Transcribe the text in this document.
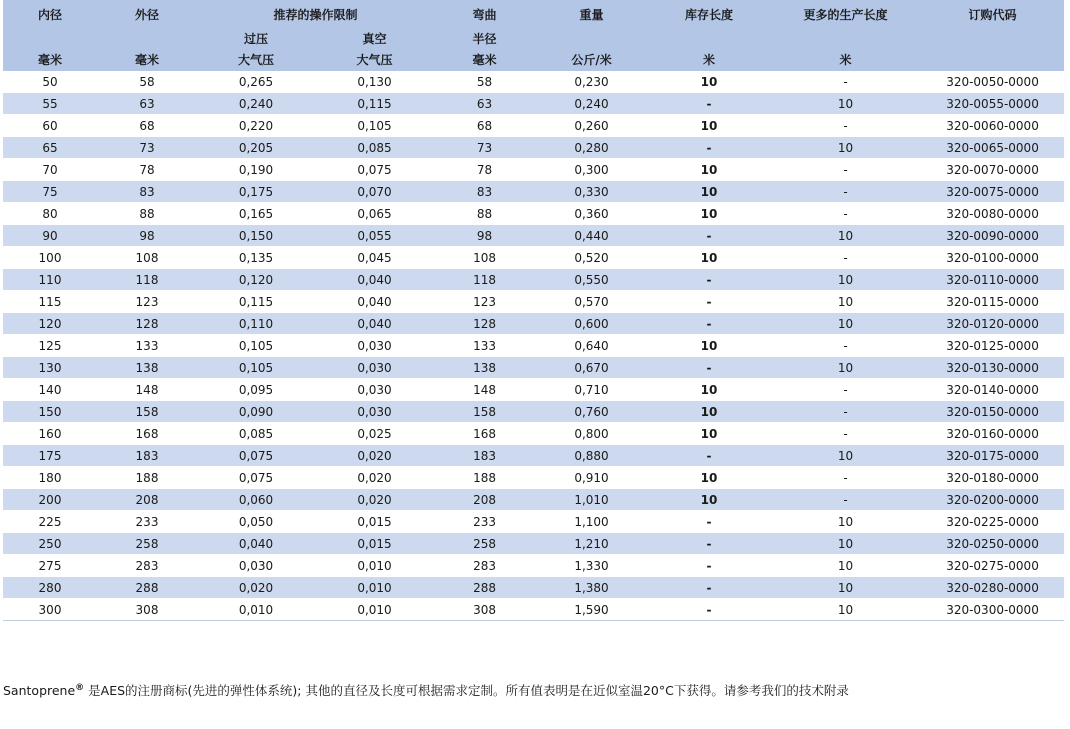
内径	外径	推荐的操作限制		弯曲	重量	库存长度	更多的生产长度	订购代码
		过压	真空	半径				
毫米	毫米	大气压	大气压	毫米	公斤/米	米	米	
50	58	0,265	0,130	58	0,230	10	-	320-0050-0000
55	63	0,240	0,115	63	0,240	-	10	320-0055-0000
60	68	0,220	0,105	68	0,260	10	-	320-0060-0000
65	73	0,205	0,085	73	0,280	-	10	320-0065-0000
70	78	0,190	0,075	78	0,300	10	-	320-0070-0000
75	83	0,175	0,070	83	0,330	10	-	320-0075-0000
80	88	0,165	0,065	88	0,360	10	-	320-0080-0000
90	98	0,150	0,055	98	0,440	-	10	320-0090-0000
100	108	0,135	0,045	108	0,520	10	-	320-0100-0000
110	118	0,120	0,040	118	0,550	-	10	320-0110-0000
115	123	0,115	0,040	123	0,570	-	10	320-0115-0000
120	128	0,110	0,040	128	0,600	-	10	320-0120-0000
125	133	0,105	0,030	133	0,640	10	-	320-0125-0000
130	138	0,105	0,030	138	0,670	-	10	320-0130-0000
140	148	0,095	0,030	148	0,710	10	-	320-0140-0000
150	158	0,090	0,030	158	0,760	10	-	320-0150-0000
160	168	0,085	0,025	168	0,800	10	-	320-0160-0000
175	183	0,075	0,020	183	0,880	-	10	320-0175-0000
180	188	0,075	0,020	188	0,910	10	-	320-0180-0000
200	208	0,060	0,020	208	1,010	10	-	320-0200-0000
225	233	0,050	0,015	233	1,100	-	10	320-0225-0000
250	258	0,040	0,015	258	1,210	-	10	320-0250-0000
275	283	0,030	0,010	283	1,330	-	10	320-0275-0000
280	288	0,020	0,010	288	1,380	-	10	320-0280-0000
300	308	0,010	0,010	308	1,590	-	10	320-0300-0000
Santoprene® 是AES的注册商标(先进的弹性体系统); 其他的直径及长度可根据需求定制。所有值表明是在近似室温20°C下获得。请参考我们的技术附录
